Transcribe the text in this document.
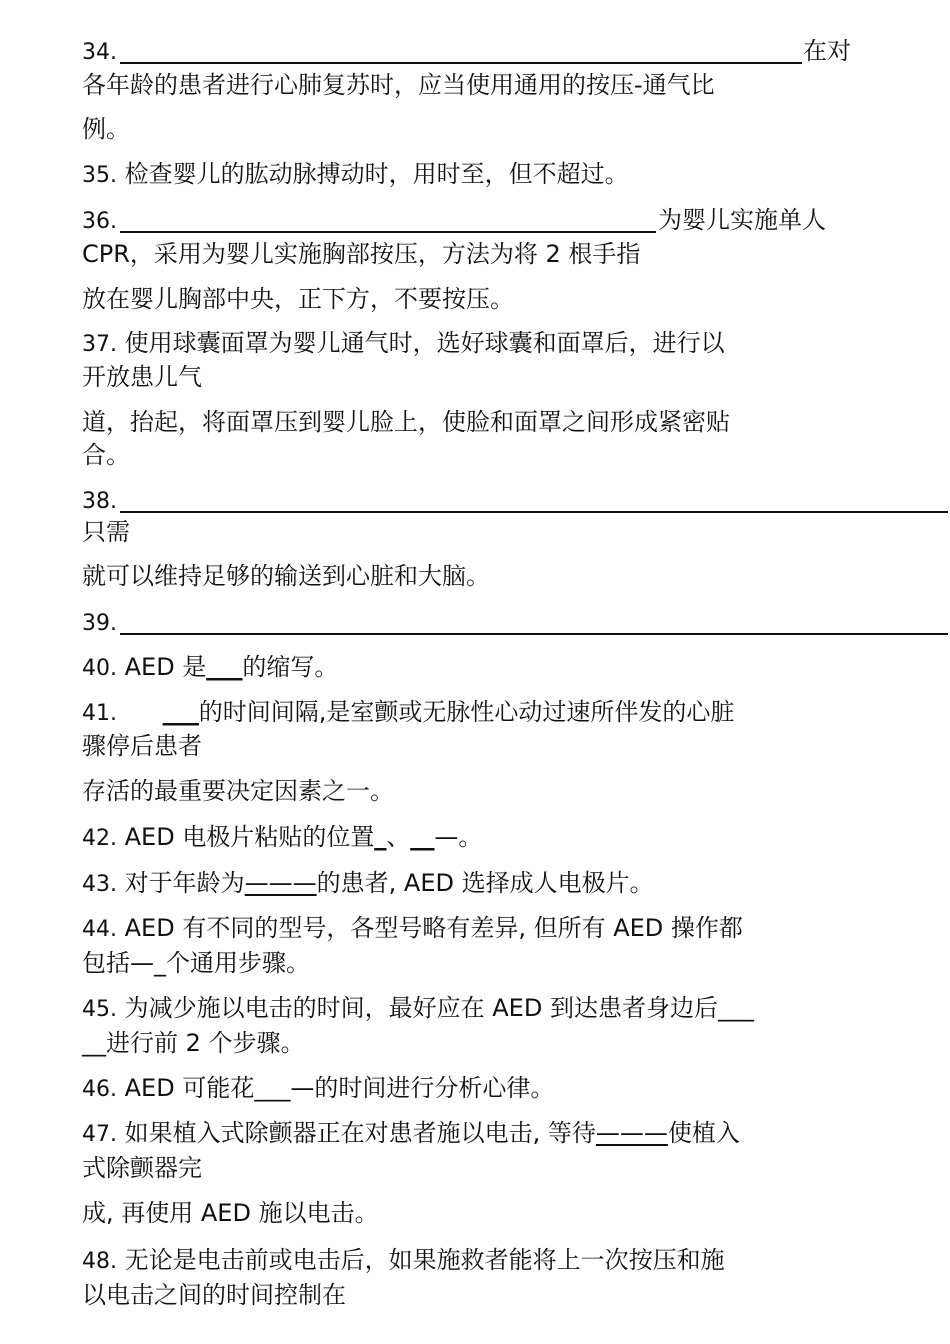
34.	在对
各年龄的患者进行心肺复苏时，应当使用通用的按压-通气比
例。
35. 检查婴儿的肱动脉搏动时，用时至，但不超过。
36.	为婴儿实施单人
CPR，采用为婴儿实施胸部按压，方法为将 2 根手指
放在婴儿胸部中央，正下方，不要按压。
37. 使用球囊面罩为婴儿通气时，选好球囊和面罩后，进行以
开放患儿气
道，抬起，将面罩压到婴儿脸上，使脸和面罩之间形成紧密贴
合。
38.
只需
就可以维持足够的输送到心脏和大脑。
39.
40. AED 是___的缩写。
41. ___的时间间隔,是室颤或无脉性心动过速所伴发的心脏
骤停后患者
存活的最重要决定因素之一。
42. AED 电极片粘贴的位置_、__—。
43. 对于年龄为———的患者, AED 选择成人电极片。
44. AED 有不同的型号，各型号略有差异, 但所有 AED 操作都
包括—_个通用步骤。
45. 为减少施以电击的时间，最好应在 AED 到达患者身边后___
__进行前 2 个步骤。
46. AED 可能花___—的时间进行分析心律。
47. 如果植入式除颤器正在对患者施以电击, 等待———使植入
式除颤器完
成, 再使用 AED 施以电击。
48. 无论是电击前或电击后，如果施救者能将上一次按压和施
以电击之间的时间控制在
